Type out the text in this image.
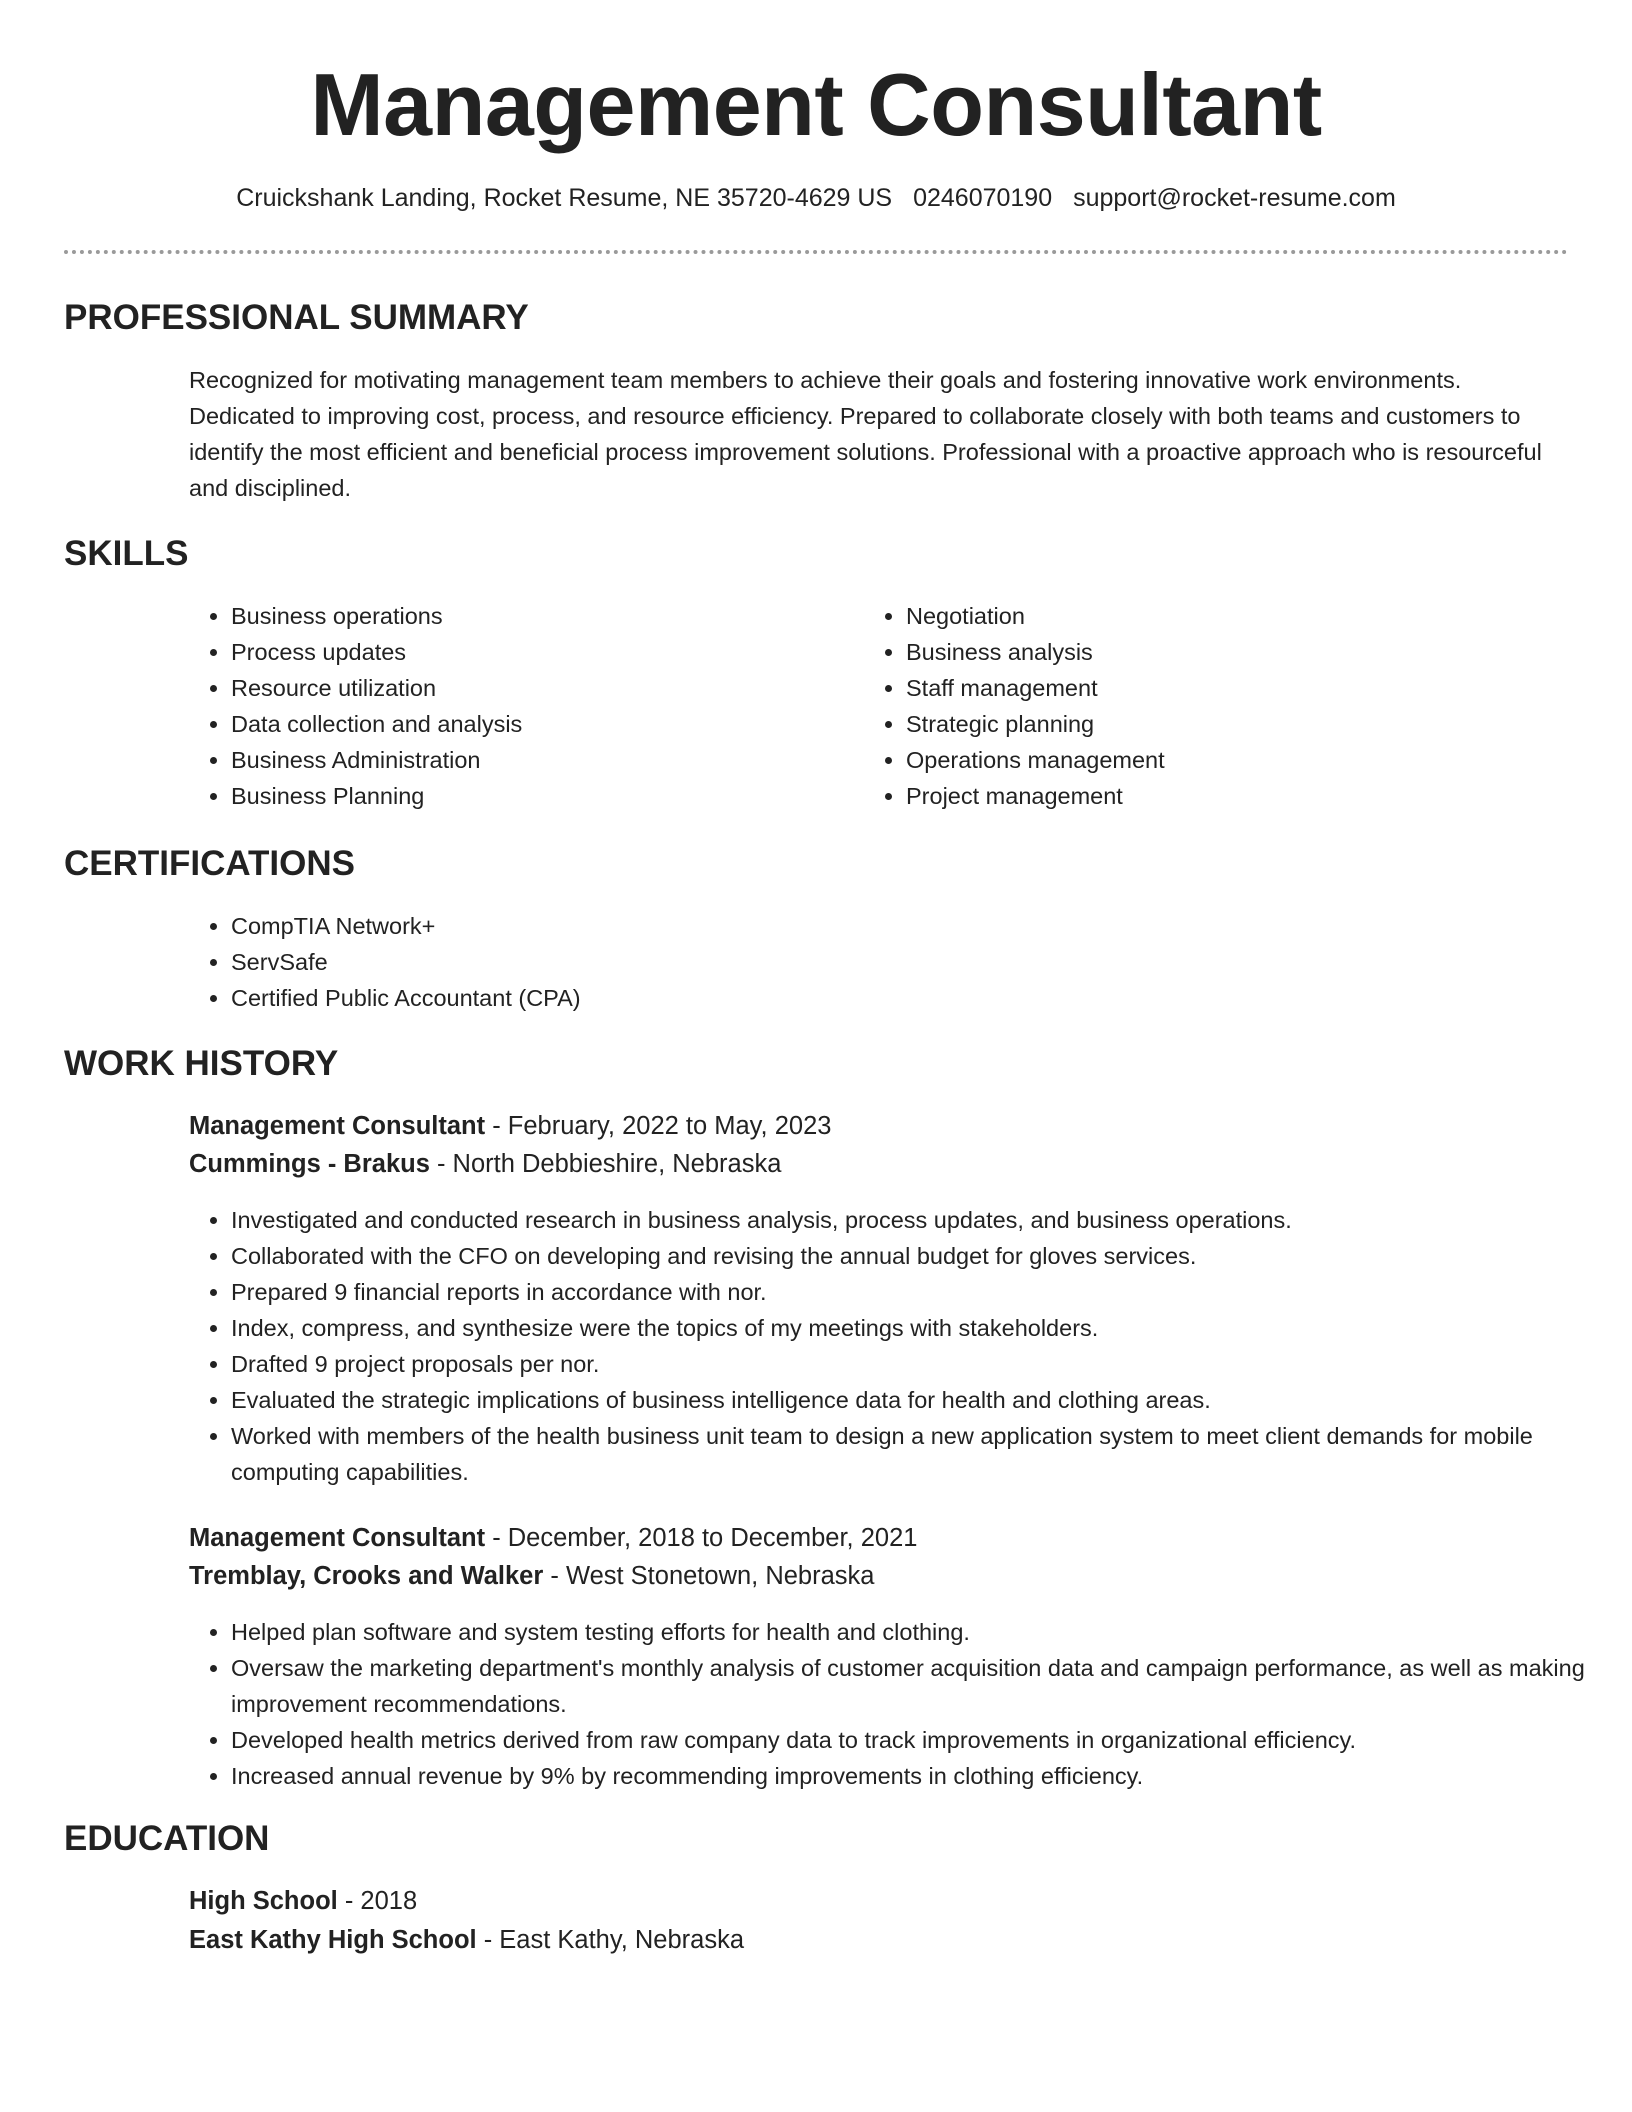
Management Consultant
Cruickshank Landing, Rocket Resume, NE 35720-4629 US 0246070190 support@rocket-resume.com
PROFESSIONAL SUMMARY

Recognized for motivating management team members to achieve their goals and fostering innovative work environments. Dedicated to improving cost, process, and resource efficiency. Prepared to collaborate closely with both teams and customers to identify the most efficient and beneficial process improvement solutions. Professional with a proactive approach who is resourceful and disciplined.

SKILLS
• Business operations
• Process updates
• Resource utilization
• Data collection and analysis
• Business Administration
• Business Planning
• Negotiation
• Business analysis
• Staff management
• Strategic planning
• Operations management
• Project management
CERTIFICATIONS
• CompTIA Network+
• ServSafe
• Certified Public Accountant (CPA)
WORK HISTORY
Management Consultant - February, 2022 to May, 2023
Cummings - Brakus - North Debbieshire, Nebraska
• Investigated and conducted research in business analysis, process updates, and business operations.
• Collaborated with the CFO on developing and revising the annual budget for gloves services.
• Prepared 9 financial reports in accordance with nor.
• Index, compress, and synthesize were the topics of my meetings with stakeholders.
• Drafted 9 project proposals per nor.
• Evaluated the strategic implications of business intelligence data for health and clothing areas.
• Worked with members of the health business unit team to design a new application system to meet client demands for mobile computing capabilities.
Management Consultant - December, 2018 to December, 2021
Tremblay, Crooks and Walker - West Stonetown, Nebraska
• Helped plan software and system testing efforts for health and clothing.
• Oversaw the marketing department's monthly analysis of customer acquisition data and campaign performance, as well as making improvement recommendations.
• Developed health metrics derived from raw company data to track improvements in organizational efficiency.
• Increased annual revenue by 9% by recommending improvements in clothing efficiency.
EDUCATION
High School - 2018
East Kathy High School - East Kathy, Nebraska
